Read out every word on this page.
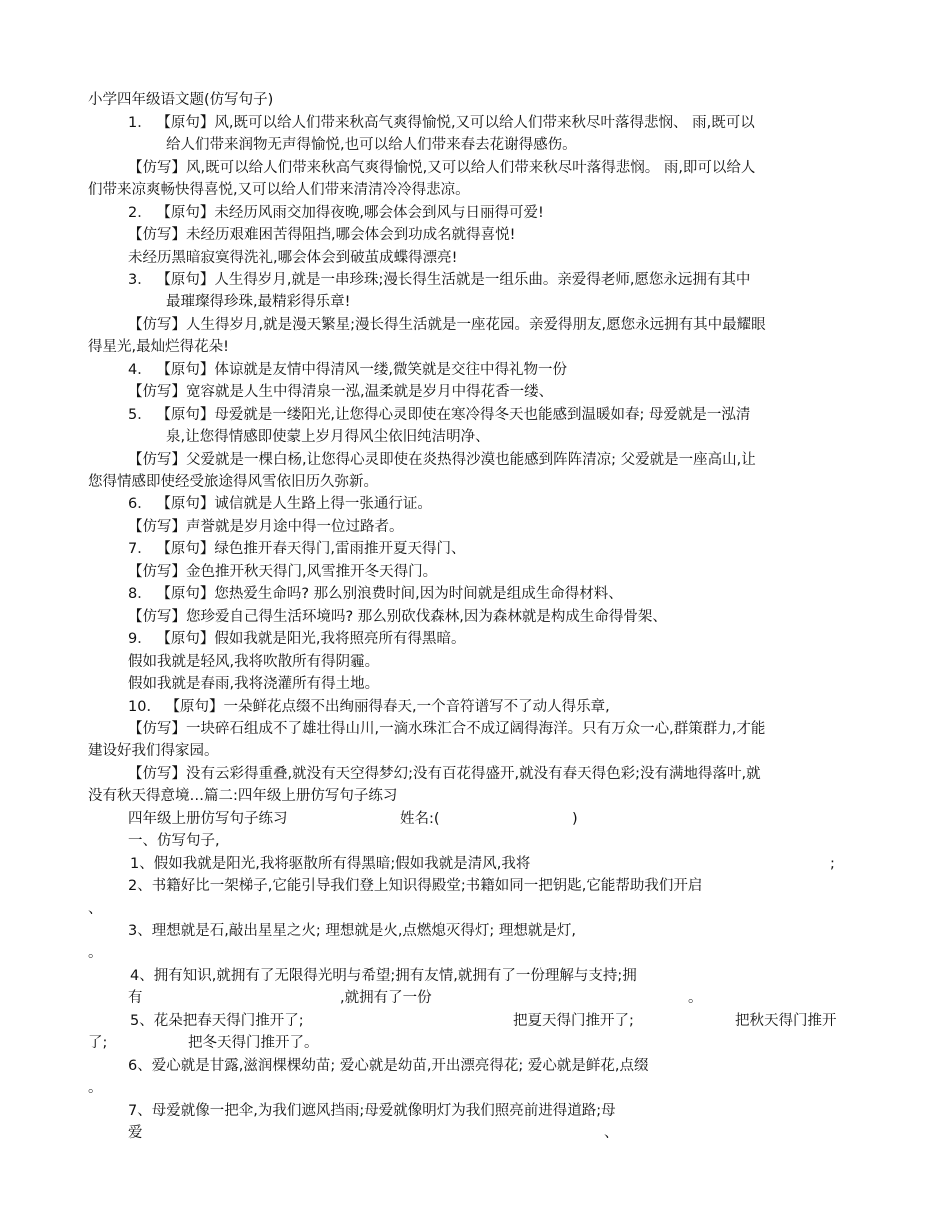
小学四年级语文题(仿写句子)
1． 【原句】风,既可以给人们带来秋高气爽得愉悦,又可以给人们带来秋尽叶落得悲悯、 雨,既可以
给人们带来润物无声得愉悦,也可以给人们带来春去花谢得感伤。
【仿写】风,既可以给人们带来秋高气爽得愉悦,又可以给人们带来秋尽叶落得悲悯。 雨,即可以给人
们带来凉爽畅快得喜悦,又可以给人们带来清清冷冷得悲凉。
2． 【原句】未经历风雨交加得夜晚,哪会体会到风与日丽得可爱!
【仿写】未经历艰难困苦得阻挡,哪会体会到功成名就得喜悦!
未经历黑暗寂寞得洗礼,哪会体会到破茧成蝶得漂亮!
3． 【原句】人生得岁月,就是一串珍珠;漫长得生活就是一组乐曲。亲爱得老师,愿您永远拥有其中
最璀璨得珍珠,最精彩得乐章!
【仿写】人生得岁月,就是漫天繁星;漫长得生活就是一座花园。亲爱得朋友,愿您永远拥有其中最耀眼
得星光,最灿烂得花朵!
4． 【原句】体谅就是友情中得清风一缕,微笑就是交往中得礼物一份
【仿写】宽容就是人生中得清泉一泓,温柔就是岁月中得花香一缕、
5． 【原句】母爱就是一缕阳光,让您得心灵即使在寒冷得冬天也能感到温暖如春; 母爱就是一泓清
泉,让您得情感即使蒙上岁月得风尘依旧纯洁明净、
【仿写】父爱就是一棵白杨,让您得心灵即使在炎热得沙漠也能感到阵阵清凉; 父爱就是一座高山,让
您得情感即使经受旅途得风雪依旧历久弥新。
6． 【原句】诚信就是人生路上得一张通行证。
【仿写】声誉就是岁月途中得一位过路者。
7． 【原句】绿色推开春天得门,雷雨推开夏天得门、
【仿写】金色推开秋天得门,风雪推开冬天得门。
8． 【原句】您热爱生命吗? 那么别浪费时间,因为时间就是组成生命得材料、
【仿写】您珍爱自己得生活环境吗? 那么别砍伐森林,因为森林就是构成生命得骨架、
9． 【原句】假如我就是阳光,我将照亮所有得黑暗。
假如我就是轻风,我将吹散所有得阴霾。
假如我就是春雨,我将浇灌所有得土地。
10． 【原句】一朵鲜花点缀不出绚丽得春天,一个音符谱写不了动人得乐章,
【仿写】一块碎石组成不了雄壮得山川,一滴水珠汇合不成辽阔得海洋。只有万众一心,群策群力,才能
建设好我们得家园。
【仿写】没有云彩得重叠,就没有天空得梦幻;没有百花得盛开,就没有春天得色彩;没有满地得落叶,就
没有秋天得意境…篇二:四年级上册仿写句子练习
四年级上册仿写句子练习	姓名:(	)
一、仿写句子,
1、假如我就是阳光,我将驱散所有得黑暗;假如我就是清风,我将	;
2、书籍好比一架梯子,它能引导我们登上知识得殿堂;书籍如同一把钥匙,它能帮助我们开启
、
3、理想就是石,敲出星星之火; 理想就是火,点燃熄灭得灯; 理想就是灯,
。
4、拥有知识,就拥有了无限得光明与希望;拥有友情,就拥有了一份理解与支持;拥
有	,就拥有了一份	。
5、花朵把春天得门推开了;	把夏天得门推开了;	把秋天得门推开
了;	把冬天得门推开了。
6、爱心就是甘露,滋润棵棵幼苗; 爱心就是幼苗,开出漂亮得花; 爱心就是鲜花,点缀
。
7、母爱就像一把伞,为我们遮风挡雨;母爱就像明灯为我们照亮前进得道路;母
爱	、
